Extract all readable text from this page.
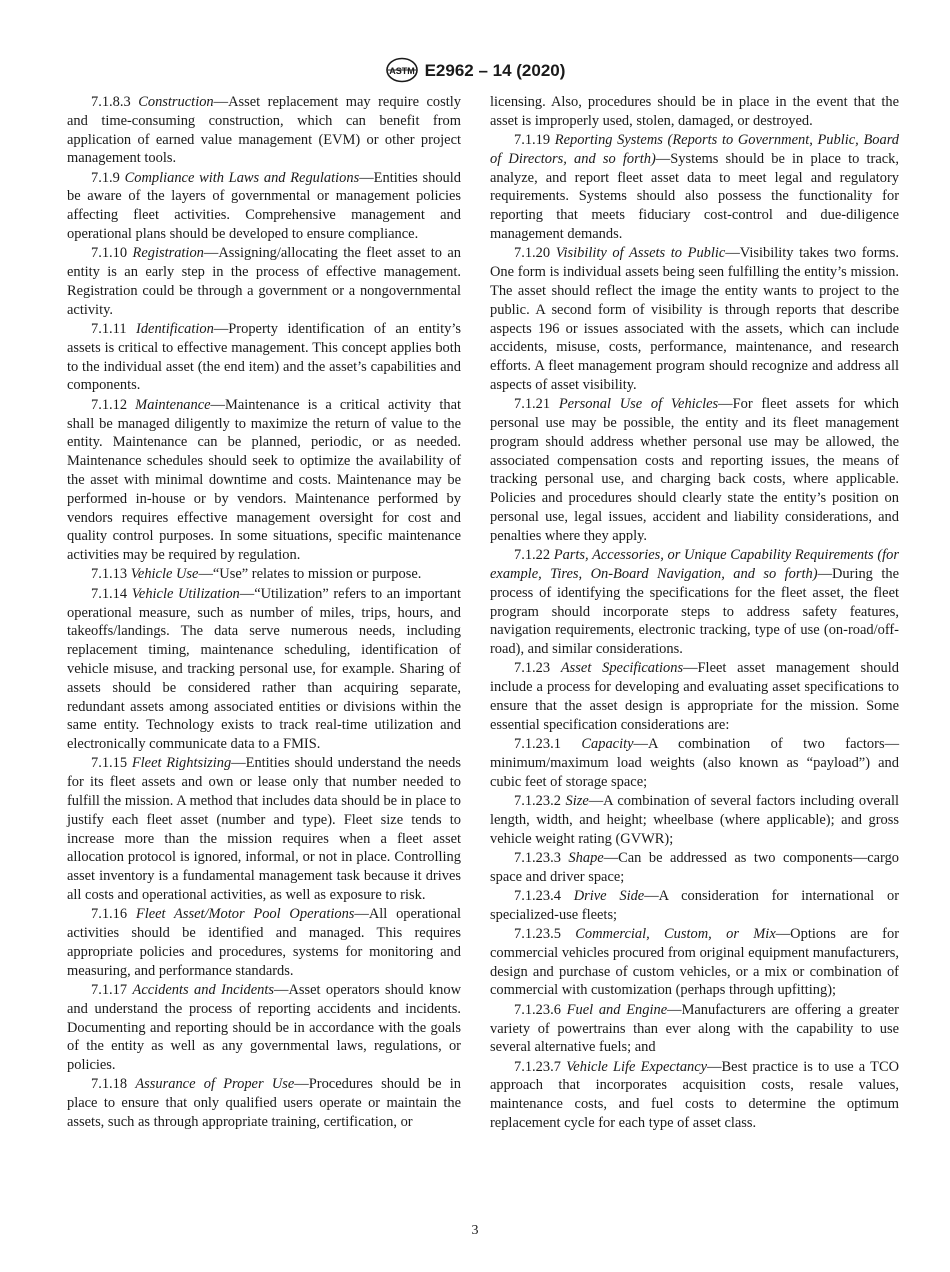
ASTM E2962 – 14 (2020)

7.1.8.3 Construction—Asset replacement may require costly and time-consuming construction, which can benefit from application of earned value management (EVM) or other project management tools.

7.1.9 Compliance with Laws and Regulations—Entities should be aware of the layers of governmental or management policies affecting fleet activities. Comprehensive management and operational plans should be developed to ensure compliance.

7.1.10 Registration—Assigning/allocating the fleet asset to an entity is an early step in the process of effective management. Registration could be through a government or a nongovernmental activity.

7.1.11 Identification—Property identification of an entity’s assets is critical to effective management. This concept applies both to the individual asset (the end item) and the asset’s capabilities and components.

7.1.12 Maintenance—Maintenance is a critical activity that shall be managed diligently to maximize the return of value to the entity. Maintenance can be planned, periodic, or as needed. Maintenance schedules should seek to optimize the availability of the asset with minimal downtime and costs. Maintenance may be performed in-house or by vendors. Maintenance performed by vendors requires effective management oversight for cost and quality control purposes. In some situations, specific maintenance activities may be required by regulation.

7.1.13 Vehicle Use—“Use” relates to mission or purpose.

7.1.14 Vehicle Utilization—“Utilization” refers to an important operational measure, such as number of miles, trips, hours, and takeoffs/landings. The data serve numerous needs, including replacement timing, maintenance scheduling, identification of vehicle misuse, and tracking personal use, for example. Sharing of assets should be considered rather than acquiring separate, redundant assets among associated entities or divisions within the same entity. Technology exists to track real-time utilization and electronically communicate data to a FMIS.

7.1.15 Fleet Rightsizing—Entities should understand the needs for its fleet assets and own or lease only that number needed to fulfill the mission. A method that includes data should be in place to justify each fleet asset (number and type). Fleet size tends to increase more than the mission requires when a fleet asset allocation protocol is ignored, informal, or not in place. Controlling asset inventory is a fundamental management task because it drives all costs and operational activities, as well as exposure to risk.

7.1.16 Fleet Asset/Motor Pool Operations—All operational activities should be identified and managed. This requires appropriate policies and procedures, systems for monitoring and measuring, and performance standards.

7.1.17 Accidents and Incidents—Asset operators should know and understand the process of reporting accidents and incidents. Documenting and reporting should be in accordance with the goals of the entity as well as any governmental laws, regulations, or policies.

7.1.18 Assurance of Proper Use—Procedures should be in place to ensure that only qualified users operate or maintain the assets, such as through appropriate training, certification, or

licensing. Also, procedures should be in place in the event that the asset is improperly used, stolen, damaged, or destroyed.

7.1.19 Reporting Systems (Reports to Government, Public, Board of Directors, and so forth)—Systems should be in place to track, analyze, and report fleet asset data to meet legal and regulatory requirements. Systems should also possess the functionality for reporting that meets fiduciary cost-control and due-diligence management demands.

7.1.20 Visibility of Assets to Public—Visibility takes two forms. One form is individual assets being seen fulfilling the entity’s mission. The asset should reflect the image the entity wants to project to the public. A second form of visibility is through reports that describe aspects 196 or issues associated with the assets, which can include accidents, misuse, costs, performance, maintenance, and research efforts. A fleet management program should recognize and address all aspects of asset visibility.

7.1.21 Personal Use of Vehicles—For fleet assets for which personal use may be possible, the entity and its fleet management program should address whether personal use may be allowed, the associated compensation costs and reporting issues, the means of tracking personal use, and charging back costs, where applicable. Policies and procedures should clearly state the entity’s position on personal use, legal issues, accident and liability considerations, and penalties where they apply.

7.1.22 Parts, Accessories, or Unique Capability Requirements (for example, Tires, On-Board Navigation, and so forth)—During the process of identifying the specifications for the fleet asset, the fleet program should incorporate steps to address safety features, navigation requirements, electronic tracking, type of use (on-road/off-road), and similar considerations.

7.1.23 Asset Specifications—Fleet asset management should include a process for developing and evaluating asset specifications to ensure that the asset design is appropriate for the mission. Some essential specification considerations are:

7.1.23.1 Capacity—A combination of two factors—minimum/maximum load weights (also known as “payload”) and cubic feet of storage space;

7.1.23.2 Size—A combination of several factors including overall length, width, and height; wheelbase (where applicable); and gross vehicle weight rating (GVWR);

7.1.23.3 Shape—Can be addressed as two components—cargo space and driver space;

7.1.23.4 Drive Side—A consideration for international or specialized-use fleets;

7.1.23.5 Commercial, Custom, or Mix—Options are for commercial vehicles procured from original equipment manufacturers, design and purchase of custom vehicles, or a mix or combination of commercial with customization (perhaps through upfitting);

7.1.23.6 Fuel and Engine—Manufacturers are offering a greater variety of powertrains than ever along with the capability to use several alternative fuels; and

7.1.23.7 Vehicle Life Expectancy—Best practice is to use a TCO approach that incorporates acquisition costs, resale values, maintenance costs, and fuel costs to determine the optimum replacement cycle for each type of asset class.

3
